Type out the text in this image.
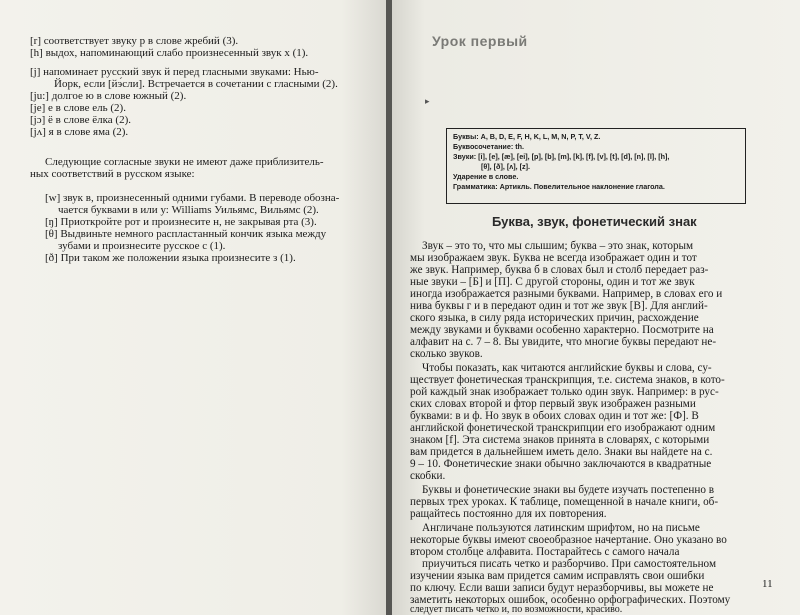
[r] соответствует звуку р в слове жребий (3).
[h] выдох, напоминающий слабо произнесенный звук х (1).
[j] напоминает русский звук й перед гласными звуками: Нью-
Йорк, если [йэ́сли]. Встречается в сочетании с гласными (2).
[ju:] долгое ю в слове южный (2).
[je] е в слове ель (2).
[jɔ] ё в слове ёлка (2).
[jʌ] я в слове яма (2).
Следующие согласные звуки не имеют даже приблизитель-
ных соответствий в русском языке:
[w] звук в, произнесенный одними губами. В переводе обозна-
чается буквами в или у: Williams Уильямс, Вильямс (2).
[ŋ] Приоткройте рот и произнесите н, не закрывая рта (3).
[θ] Выдвиньте немного распластанный кончик языка между
зубами и произнесите русское с (1).
[ð] При таком же положении языка произнесите з (1).
Урок первый
▸
Буквы: A, B, D, E, F, H, K, L, M, N, P, T, V, Z.
Буквосочетание: th.
Звуки: [i], [e], [æ], [ei], [p], [b], [m], [k], [f], [v], [t], [d], [n], [l], [h],
[θ], [ð], [ʌ], [z].
Ударение в слове.
Грамматика: Артикль. Повелительное наклонение глагола.
Буква, звук, фонетический знак
Звук – это то, что мы слышим; буква – это знак, которым
мы изображаем звук. Буква не всегда изображает один и тот
же звук. Например, буква б в словах был и столб передает раз-
ные звуки – [Б] и [П]. С другой стороны, один и тот же звук
иногда изображается разными буквами. Например, в словах его и
нива буквы г и в передают один и тот же звук [В]. Для англий-
ского языка, в силу ряда исторических причин, расхождение
между звуками и буквами особенно характерно. Посмотрите на
алфавит на с. 7 – 8. Вы увидите, что многие буквы передают не-
сколько звуков.
Чтобы показать, как читаются английские буквы и слова, су-
ществует фонетическая транскрипция, т.е. система знаков, в кото-
рой каждый знак изображает только один звук. Например: в рус-
ских словах второй и фтор первый звук изображен разными
буквами: в и ф. Но звук в обоих словах один и тот же: [Ф]. В
английской фонетической транскрипции его изображают одним
знаком [f]. Эта система знаков принята в словарях, с которыми
вам придется в дальнейшем иметь дело. Знаки вы найдете на с.
9 – 10. Фонетические знаки обычно заключаются в квадратные
скобки.
Буквы и фонетические знаки вы будете изучать постепенно в
первых трех уроках. К таблице, помещенной в начале книги, об-
ращайтесь постоянно для их повторения.
Англичане пользуются латинским шрифтом, но на письме
некоторые буквы имеют своеобразное начертание. Оно указано во
втором столбце алфавита. Постарайтесь с самого начала
приучиться писать четко и разборчиво. При самостоятельном
изучении языка вам придется самим исправлять свои ошибки
по ключу. Если ваши записи будут неразборчивы, вы можете не
заметить некоторых ошибок, особенно орфографических. Поэтому
следует писать четко и, по возможности, красиво.
11
